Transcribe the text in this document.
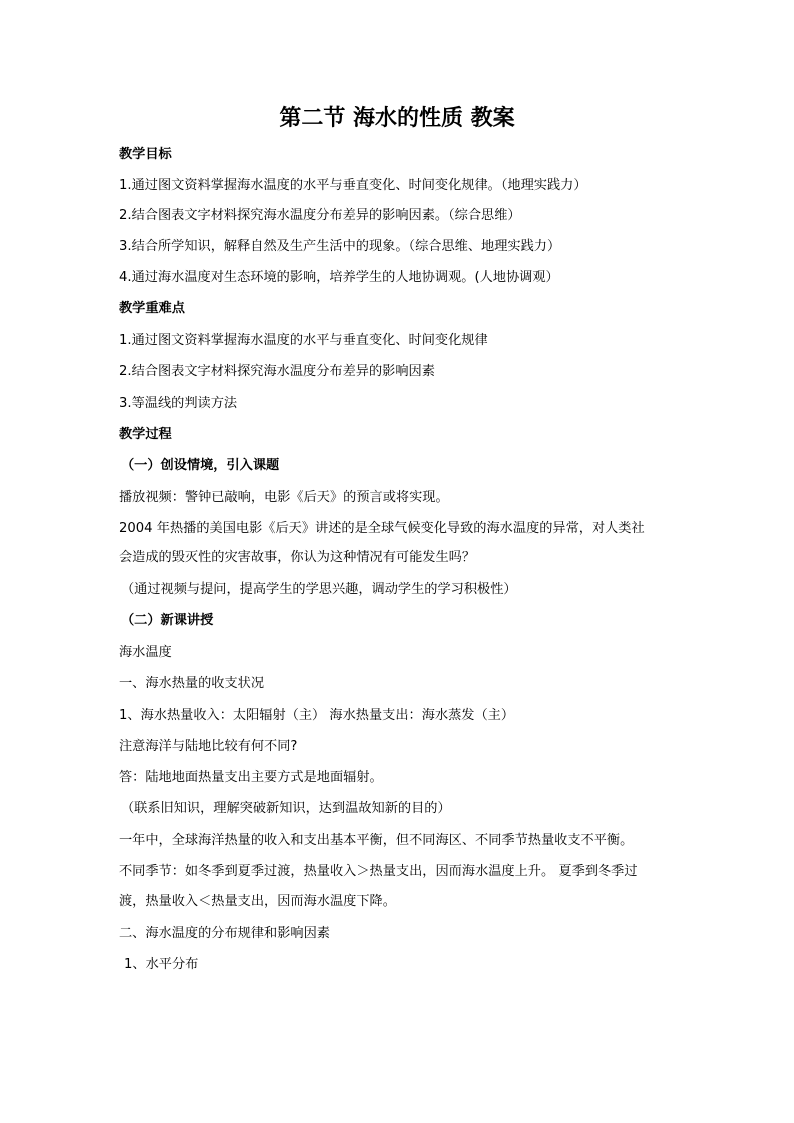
第二节 海水的性质 教案
教学目标
1.通过图文资料掌握海水温度的水平与垂直变化、时间变化规律。（地理实践力）
2.结合图表文字材料探究海水温度分布差异的影响因素。（综合思维）
3.结合所学知识，解释自然及生产生活中的现象。（综合思维、地理实践力）
4.通过海水温度对生态环境的影响，培养学生的人地协调观。(人地协调观）
教学重难点
1.通过图文资料掌握海水温度的水平与垂直变化、时间变化规律
2.结合图表文字材料探究海水温度分布差异的影响因素
3.等温线的判读方法
教学过程
（一）创设情境，引入课题
播放视频：警钟已敲响，电影《后天》的预言或将实现。
2004 年热播的美国电影《后天》讲述的是全球气候变化导致的海水温度的异常，对人类社
会造成的毁灭性的灾害故事，你认为这种情况有可能发生吗？
（通过视频与提问，提高学生的学思兴趣，调动学生的学习积极性）
（二）新课讲授
海水温度
一、海水热量的收支状况
1、海水热量收入：太阳辐射（主） 海水热量支出：海水蒸发（主）
注意海洋与陆地比较有何不同?
答：陆地地面热量支出主要方式是地面辐射。
（联系旧知识，理解突破新知识，达到温故知新的目的）
一年中，全球海洋热量的收入和支出基本平衡，但不同海区、不同季节热量收支不平衡。
不同季节：如冬季到夏季过渡，热量收入＞热量支出，因而海水温度上升。 夏季到冬季过
渡，热量收入＜热量支出，因而海水温度下降。
二、海水温度的分布规律和影响因素
1、水平分布
